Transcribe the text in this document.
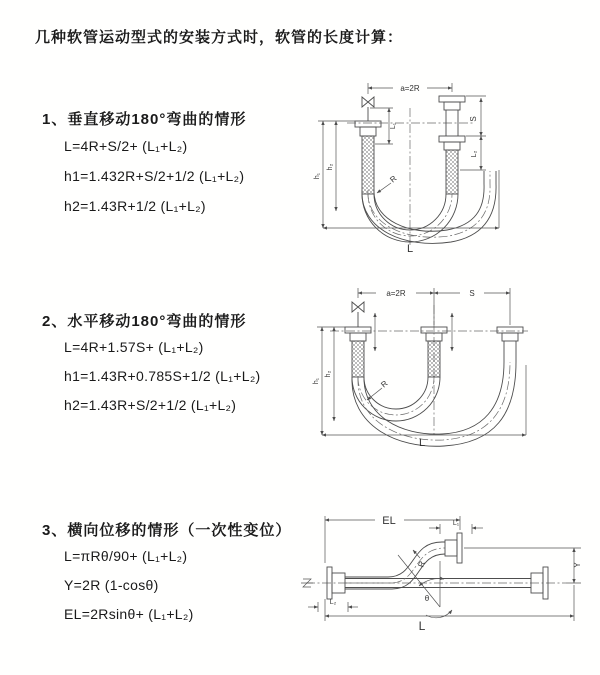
几种软管运动型式的安装方式时，软管的长度计算：
1、垂直移动180°弯曲的情形
L=4R+S/2+ (L₁+L₂)
h1=1.432R+S/2+1/2 (L₁+L₂)
h2=1.43R+1/2 (L₁+L₂)
2、水平移动180°弯曲的情形
L=4R+1.57S+ (L₁+L₂)
h1=1.43R+0.785S+1/2 (L₁+L₂)
h2=1.43R+S/2+1/2 (L₁+L₂)
3、横向位移的情形（一次性变位）
L=πRθ/90+ (L₁+L₂)
Y=2R (1-cosθ)
EL=2Rsinθ+ (L₁+L₂)
a=2R
S
L₂
L₁
h₁
h₂
R
L
a=2R	S
h₁
h₂
R
L
EL	L₁
Y
R
θ
L
L₂
